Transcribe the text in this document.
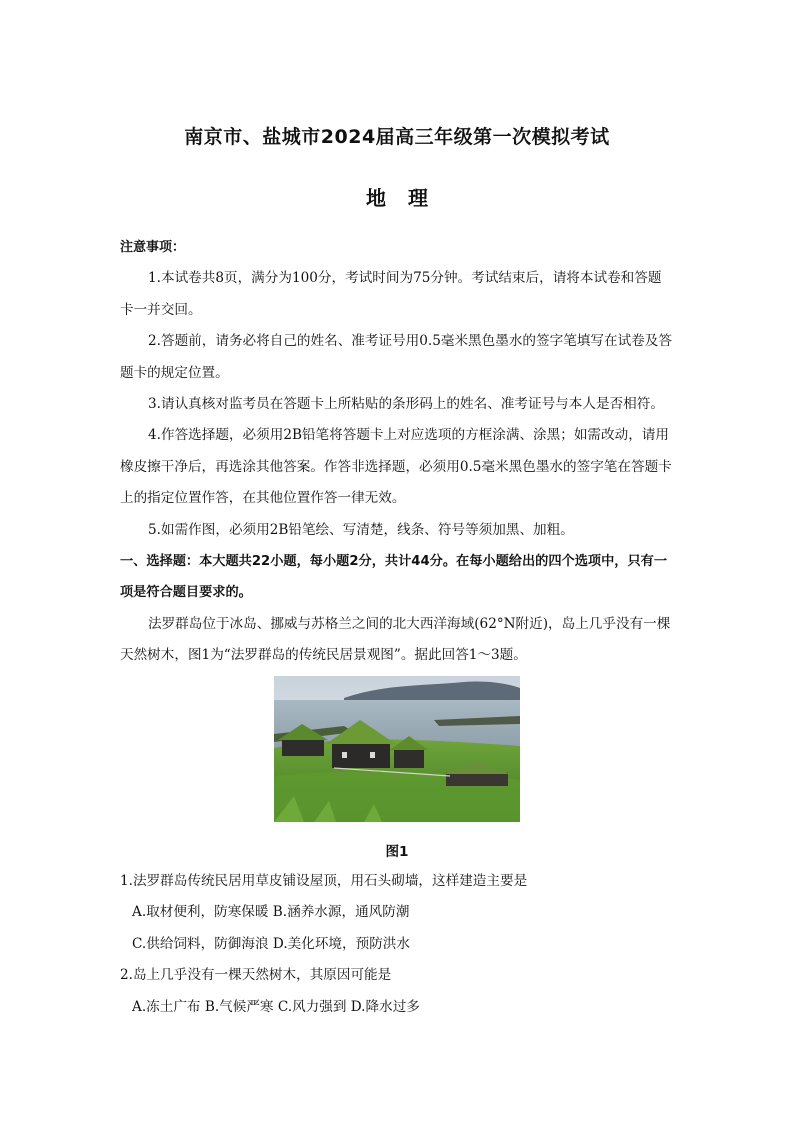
南京市、盐城市2024届高三年级第一次模拟考试
地理

注意事项：

1.本试卷共8页，满分为100分，考试时间为75分钟。考试结束后，请将本试卷和答题卡一并交回。

2.答题前，请务必将自己的姓名、准考证号用0.5毫米黑色墨水的签字笔填写在试卷及答题卡的规定位置。

3.请认真核对监考员在答题卡上所粘贴的条形码上的姓名、准考证号与本人是否相符。

4.作答选择题，必须用2B铅笔将答题卡上对应选项的方框涂满、涂黑；如需改动，请用橡皮擦干净后，再选涂其他答案。作答非选择题，必须用0.5毫米黑色墨水的签字笔在答题卡上的指定位置作答，在其他位置作答一律无效。

5.如需作图，必须用2B铅笔绘、写清楚，线条、符号等须加黑、加粗。

一、选择题：本大题共22小题，每小题2分，共计44分。在每小题给出的四个选项中，只有一项是符合题目要求的。

法罗群岛位于冰岛、挪威与苏格兰之间的北大西洋海域(62°N附近)，岛上几乎没有一棵天然树木，图1为“法罗群岛的传统民居景观图”。据此回答1～3题。

图1

1.法罗群岛传统民居用草皮铺设屋顶，用石头砌墙，这样建造主要是

A.取材便利，防寒保暖 B.涵养水源，通风防潮

C.供给饲料，防御海浪 D.美化环境，预防洪水

2.岛上几乎没有一棵天然树木，其原因可能是

A.冻土广布 B.气候严寒 C.风力强到 D.降水过多
